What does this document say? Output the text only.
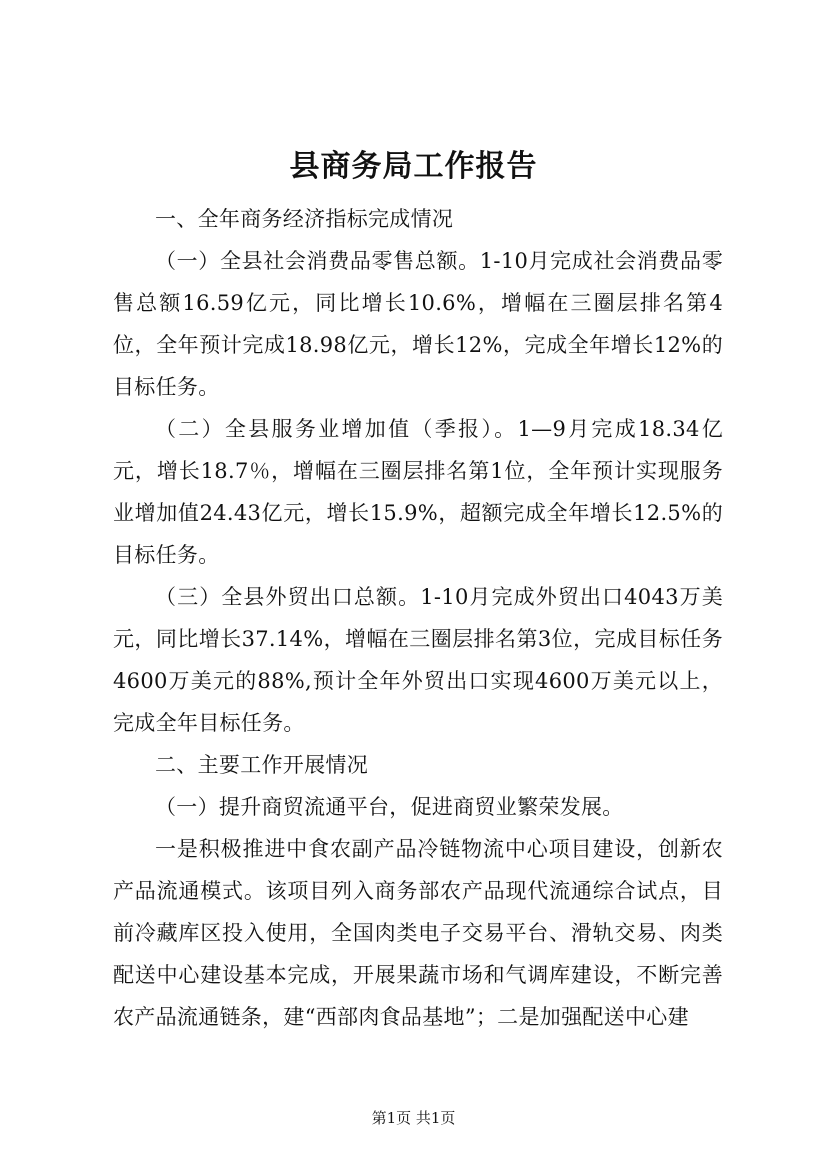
县商务局工作报告

一、全年商务经济指标完成情况

（一）全县社会消费品零售总额。1-10月完成社会消费品零售总额16.59亿元，同比增长10.6%，增幅在三圈层排名第4位，全年预计完成18.98亿元，增长12%，完成全年增长12%的目标任务。

（二）全县服务业增加值（季报）。1—9月完成18.34亿元，增长18.7％，增幅在三圈层排名第1位，全年预计实现服务业增加值24.43亿元，增长15.9%，超额完成全年增长12.5%的目标任务。

（三）全县外贸出口总额。1-10月完成外贸出口4043万美元，同比增长37.14%，增幅在三圈层排名第3位，完成目标任务4600万美元的88%,预计全年外贸出口实现4600万美元以上，完成全年目标任务。

二、主要工作开展情况

（一）提升商贸流通平台，促进商贸业繁荣发展。

一是积极推进中食农副产品冷链物流中心项目建设，创新农产品流通模式。该项目列入商务部农产品现代流通综合试点，目前冷藏库区投入使用，全国肉类电子交易平台、滑轨交易、肉类配送中心建设基本完成，开展果蔬市场和气调库建设，不断完善农产品流通链条，建“西部肉食品基地”；二是加强配送中心建

第1页 共1页
